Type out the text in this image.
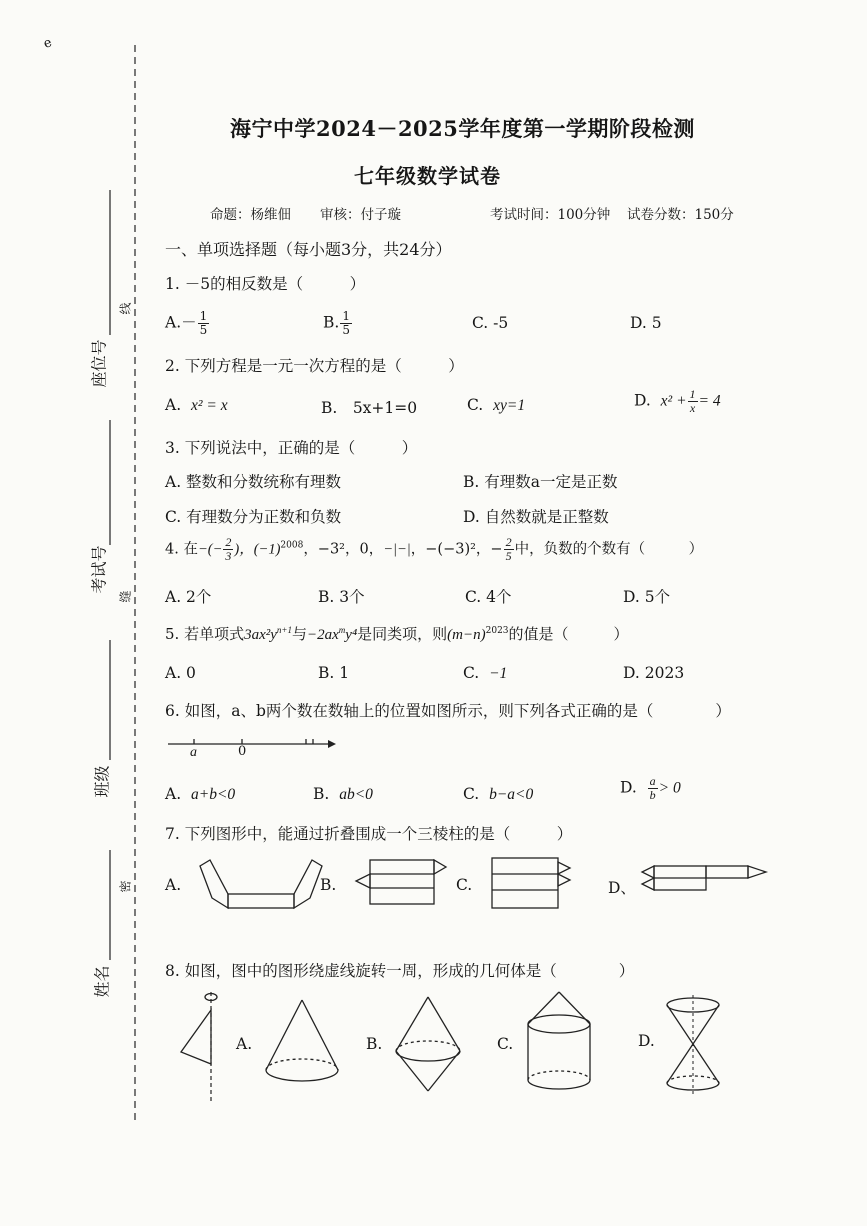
e
座位号
考试号
班级
姓名
线
缝
密
海宁中学2024－2025学年度第一学期阶段检测
七年级数学试卷
命题：杨维佃 审核：付子璇	考试时间：100分钟 试卷分数：150分
一、单项选择题（每小题3分，共24分）
1. －5的相反数是（　　　）
$A.- \frac{1}{5}$	B. $\frac{1}{5}$	C. -5	D. 5
2. 下列方程是一元一次方程的是（　　　）
A. x² = x	B.　5x+1=0	C. xy=1	D. $x^2 + \frac{1}{x} = 4$
3. 下列说法中，正确的是（　　　）
A. 整数和分数统称有理数	B. 有理数a一定是正数
C. 有理数分为正数和负数	D. 自然数就是正整数
4. 在−(− $\frac{2}{3}$ )，$(-1)^{2008}$，−3²，0，−|−|，−(−3)²，− $\frac{2}{5}$ 中，负数的个数有（　　　）
A. 2个	B. 3个	C. 4个	D. 5个
5. 若单项式$3ax^2y^{n+1}$与$-2ax^my^4$是同类项，则$(m-n)^{2023}$的值是（　　　）
A. 0	B. 1	C. −1	D. 2023
6. 如图，a、b两个数在数轴上的位置如图所示，则下列各式正确的是（　　　　）
a	0
A. a+b<0	B. ab<0	C. b−a<0	D. $\frac{a}{b} > 0$
7. 下列图形中，能通过折叠围成一个三棱柱的是（　　　）
A.	B.	C.	D、
8. 如图，图中的图形绕虚线旋转一周，形成的几何体是（　　　　）
A.	B.	C.	D.
